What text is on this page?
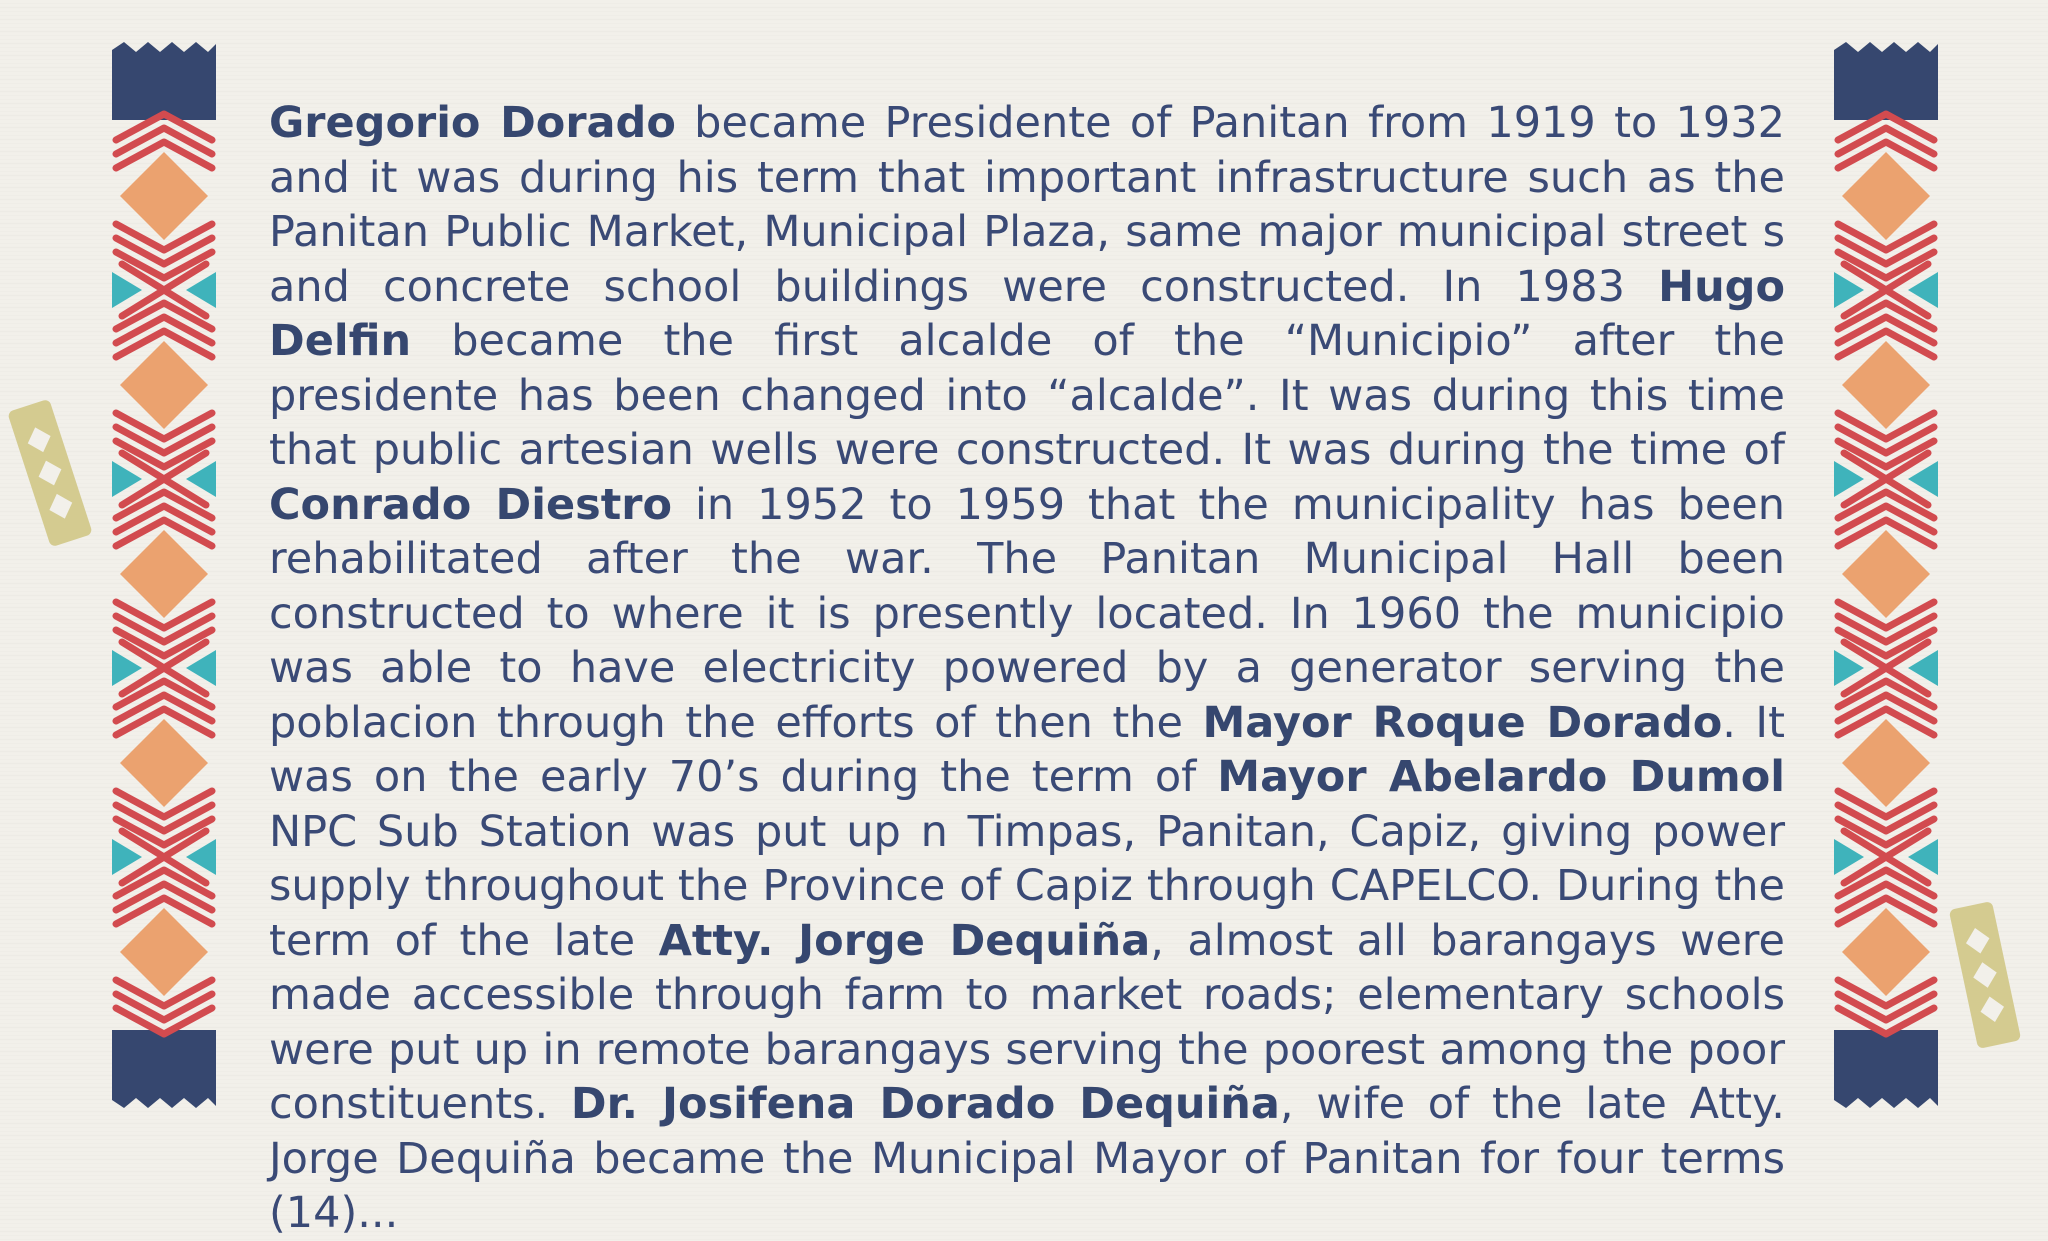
Gregorio Dorado became Presidente of Panitan from 1919 to 1932 and it was during his term that important infrastructure such as the Panitan Public Market, Municipal Plaza, same major municipal street s and concrete school buildings were constructed. In 1983 Hugo Delfin became the first alcalde of the “Municipio” after the presidente has been changed into “alcalde”. It was during this time that public artesian wells were constructed. It was during the time of Conrado Diestro in 1952 to 1959 that the municipality has been rehabilitated after the war. The Panitan Municipal Hall been constructed to where it is presently located. In 1960 the municipio was able to have electricity powered by a generator serving the poblacion through the efforts of then the Mayor Roque Dorado. It was on the early 70’s during the term of Mayor Abelardo Dumol NPC Sub Station was put up n Timpas, Panitan, Capiz, giving power supply throughout the Province of Capiz through CAPELCO. During the term of the late Atty. Jorge Dequiña, almost all barangays were made accessible through farm to market roads; elementary schools were put up in remote barangays serving the poorest among the poor constituents. Dr. Josifena Dorado Dequiña, wife of the late Atty. Jorge Dequiña became the Municipal Mayor of Panitan for four terms (14)...
